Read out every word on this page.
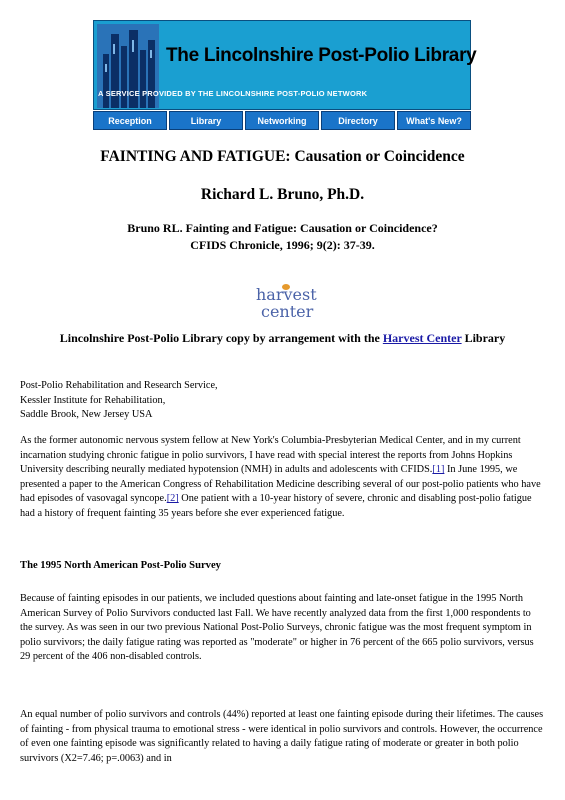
The Lincolnshire Post-Polio Library
A SERVICE PROVIDED BY THE LINCOLNSHIRE POST-POLIO NETWORK
Reception	Library	Networking	Directory	What's New?
FAINTING AND FATIGUE: Causation or Coincidence
Richard L. Bruno, Ph.D.
Bruno RL. Fainting and Fatigue: Causation or Coincidence? CFIDS Chronicle, 1996; 9(2): 37-39.
harvest
center
Lincolnshire Post-Polio Library copy by arrangement with the Harvest Center Library
Post-Polio Rehabilitation and Research Service,
Kessler Institute for Rehabilitation,
Saddle Brook, New Jersey USA
As the former autonomic nervous system fellow at New York's Columbia-Presbyterian Medical Center, and in my current incarnation studying chronic fatigue in polio survivors, I have read with special interest the reports from Johns Hopkins University describing neurally mediated hypotension (NMH) in adults and adolescents with CFIDS.[1] In June 1995, we presented a paper to the American Congress of Rehabilitation Medicine describing several of our post-polio patients who have had episodes of vasovagal syncope.[2] One patient with a 10-year history of severe, chronic and disabling post-polio fatigue had a history of frequent fainting 35 years before she ever experienced fatigue.
The 1995 North American Post-Polio Survey
Because of fainting episodes in our patients, we included questions about fainting and late-onset fatigue in the 1995 North American Survey of Polio Survivors conducted last Fall. We have recently analyzed data from the first 1,000 respondents to the survey. As was seen in our two previous National Post-Polio Surveys, chronic fatigue was the most frequent symptom in polio survivors; the daily fatigue rating was reported as "moderate" or higher in 76 percent of the 665 polio survivors, versus 29 percent of the 406 non-disabled controls.
An equal number of polio survivors and controls (44%) reported at least one fainting episode during their lifetimes. The causes of fainting - from physical trauma to emotional stress - were identical in polio survivors and controls. However, the occurrence of even one fainting episode was significantly related to having a daily fatigue rating of moderate or greater in both polio survivors (X2=7.46; p=.0063) and in
